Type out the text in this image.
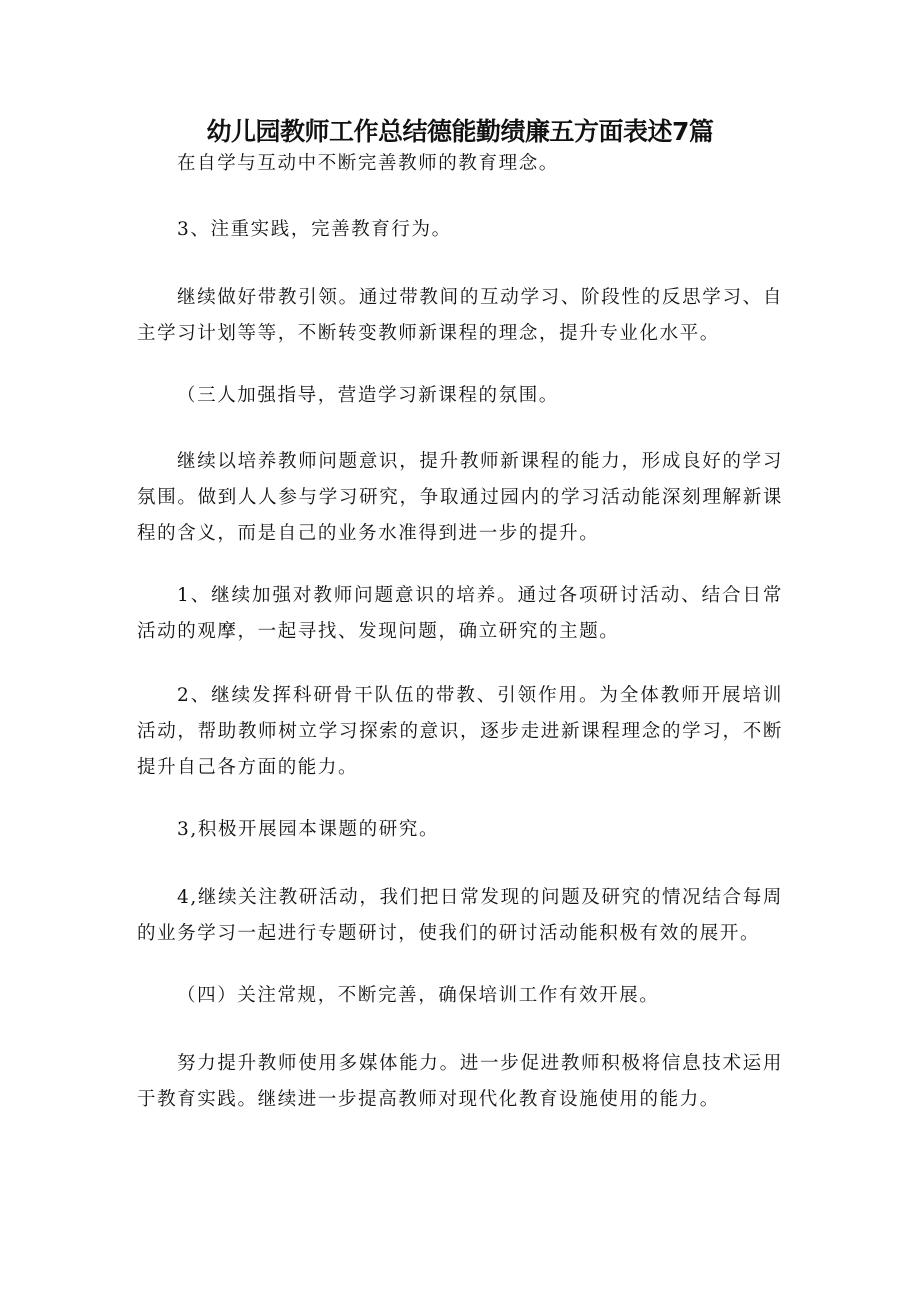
幼儿园教师工作总结德能勤绩廉五方面表述7篇
在自学与互动中不断完善教师的教育理念。
3、注重实践，完善教育行为。
继续做好带教引领。通过带教间的互动学习、阶段性的反思学习、自主学习计划等等，不断转变教师新课程的理念，提升专业化水平。
（三人加强指导，营造学习新课程的氛围。
继续以培养教师问题意识，提升教师新课程的能力，形成良好的学习氛围。做到人人参与学习研究，争取通过园内的学习活动能深刻理解新课程的含义，而是自己的业务水准得到进一步的提升。
1、继续加强对教师问题意识的培养。通过各项研讨活动、结合日常活动的观摩，一起寻找、发现问题，确立研究的主题。
2、继续发挥科研骨干队伍的带教、引领作用。为全体教师开展培训活动，帮助教师树立学习探索的意识，逐步走进新课程理念的学习，不断提升自己各方面的能力。
3,积极开展园本课题的研究。
4,继续关注教研活动，我们把日常发现的问题及研究的情况结合每周的业务学习一起进行专题研讨，使我们的研讨活动能积极有效的展开。
（四）关注常规，不断完善，确保培训工作有效开展。
努力提升教师使用多媒体能力。进一步促进教师积极将信息技术运用于教育实践。继续进一步提高教师对现代化教育设施使用的能力。
